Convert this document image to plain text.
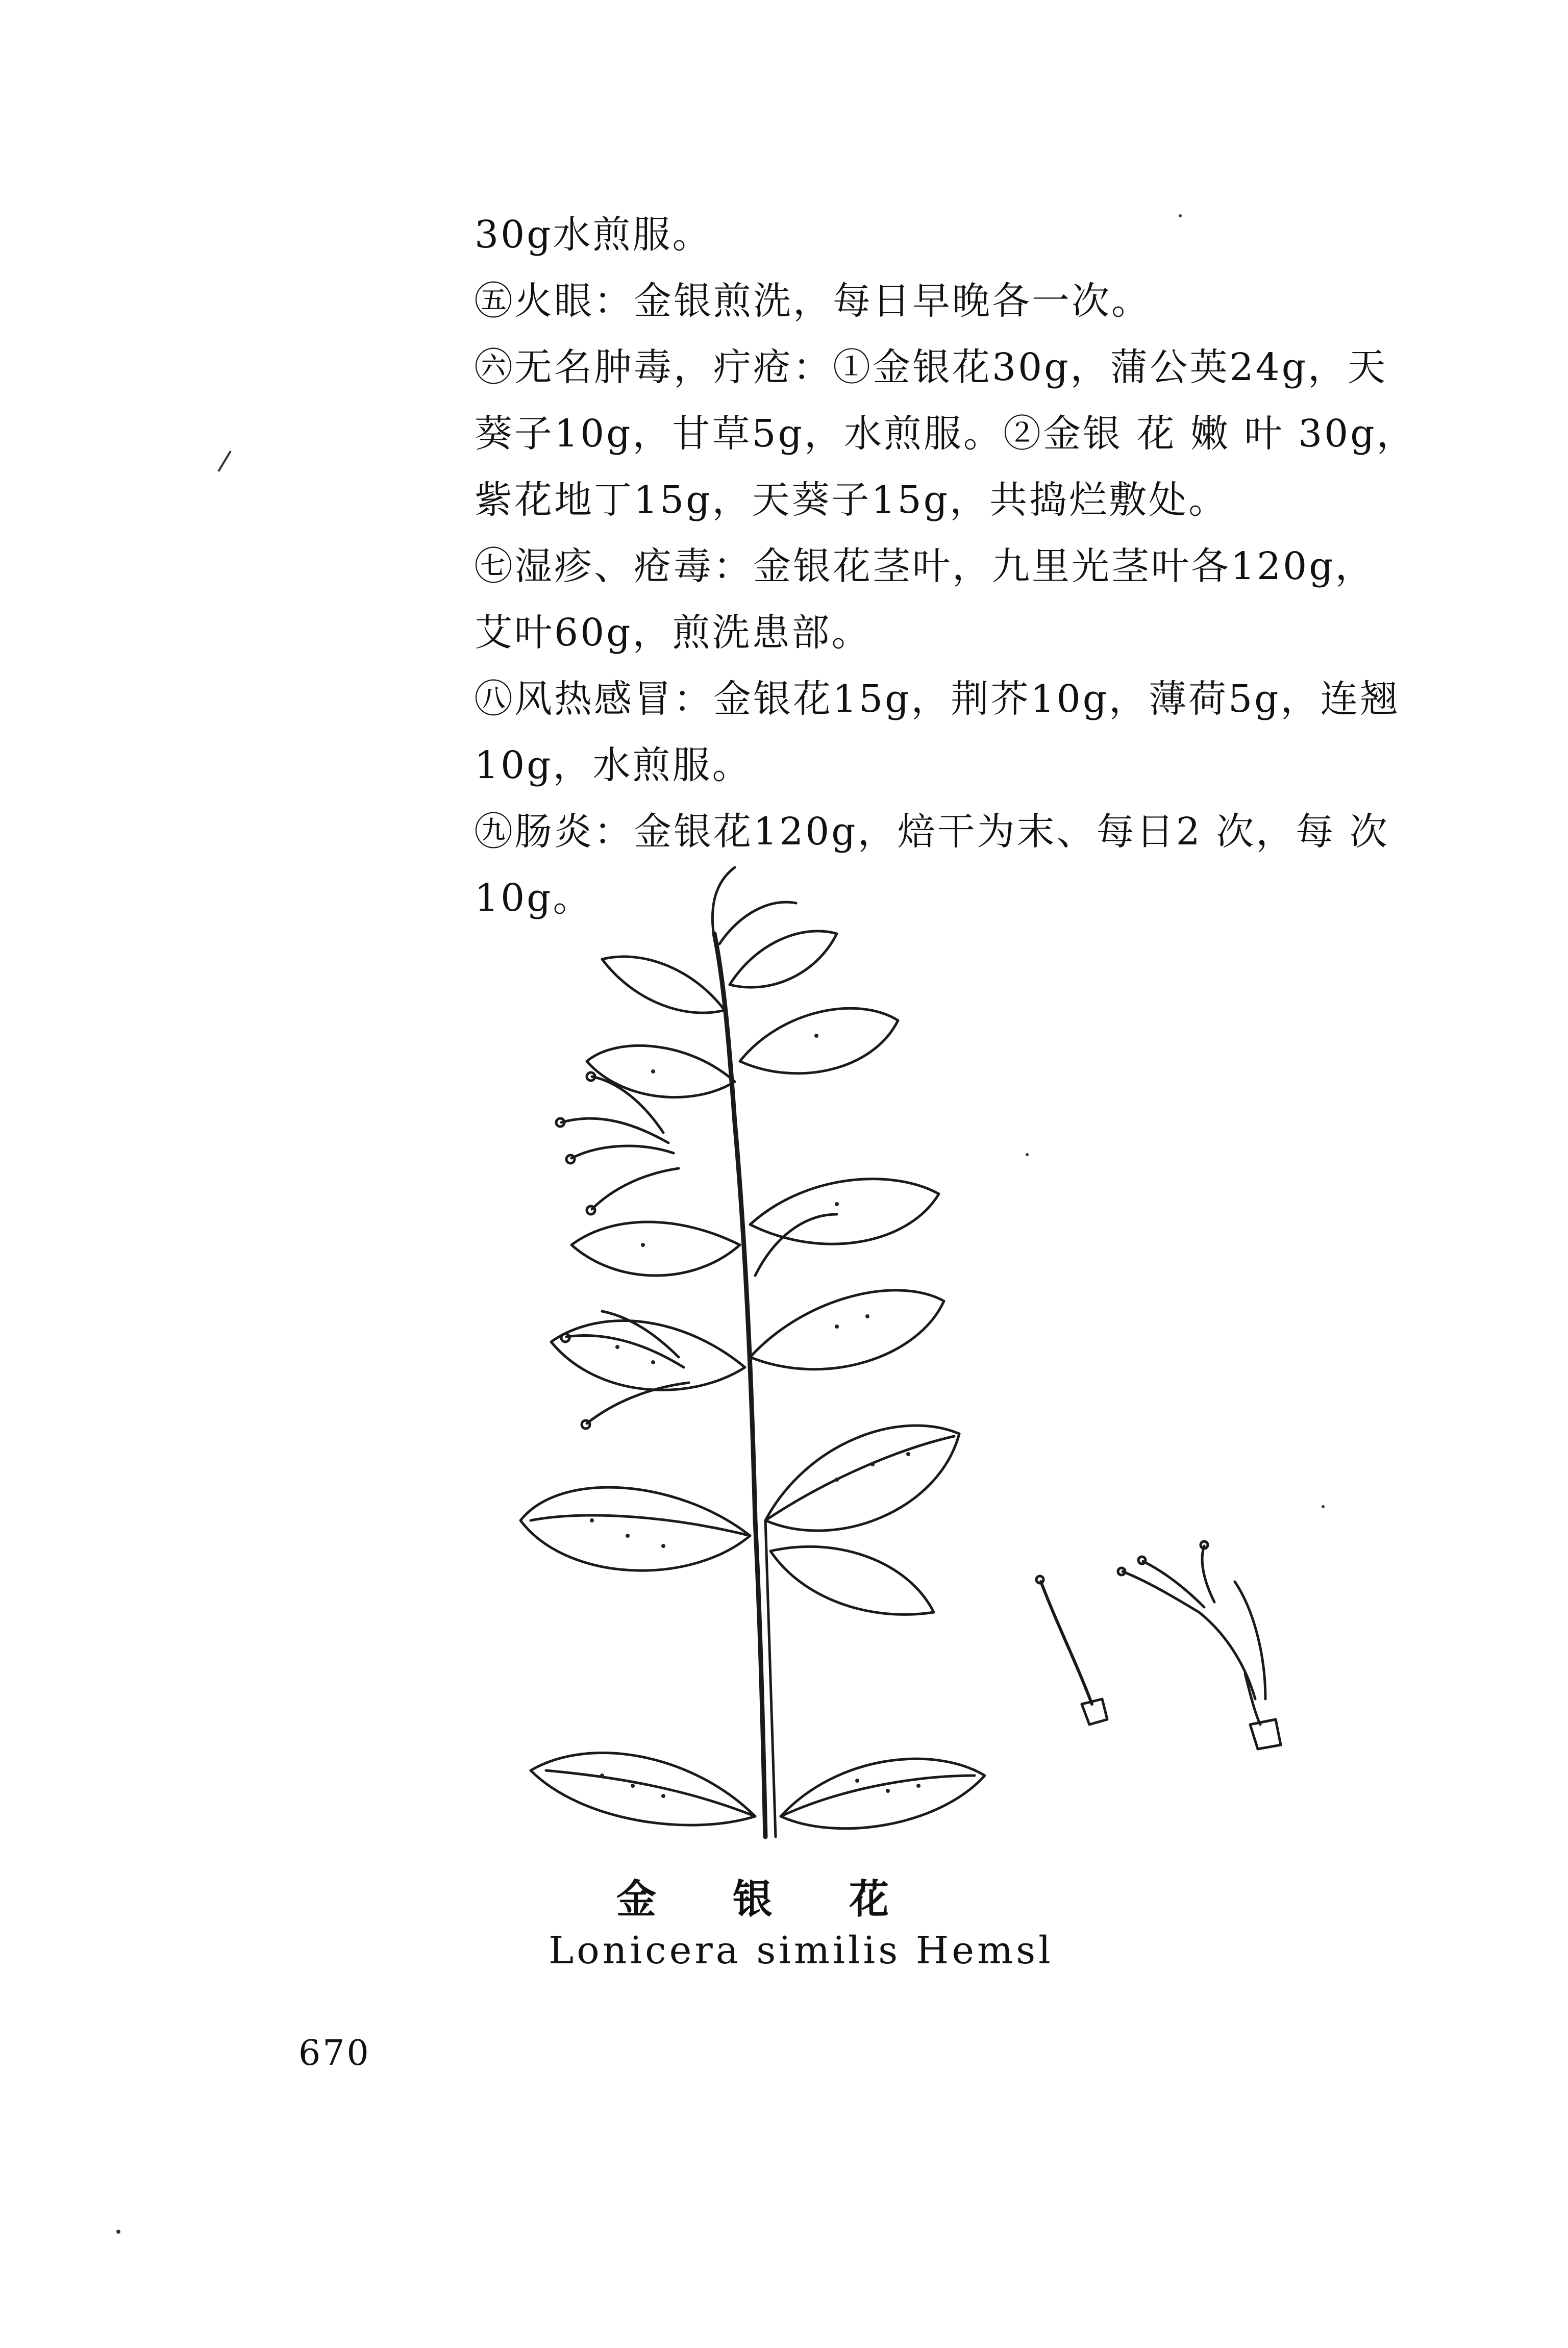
30g水煎服。
㊄火眼：金银煎洗，每日早晚各一次。
㊅无名肿毒，疔疮：①金银花30g，蒲公英24g，天
葵子10g，甘草5g，水煎服。②金银 花 嫩 叶 30g，
紫花地丁15g，天葵子15g，共捣烂敷处。
㊆湿疹、疮毒：金银花茎叶，九里光茎叶各120g，
艾叶60g，煎洗患部。
㊇风热感冒：金银花15g，荆芥10g，薄荷5g，连翘
10g，水煎服。
㊈肠炎：金银花120g，焙干为末、每日2 次，每 次
10g。
金银花
Lonicera similis Hemsl
670
